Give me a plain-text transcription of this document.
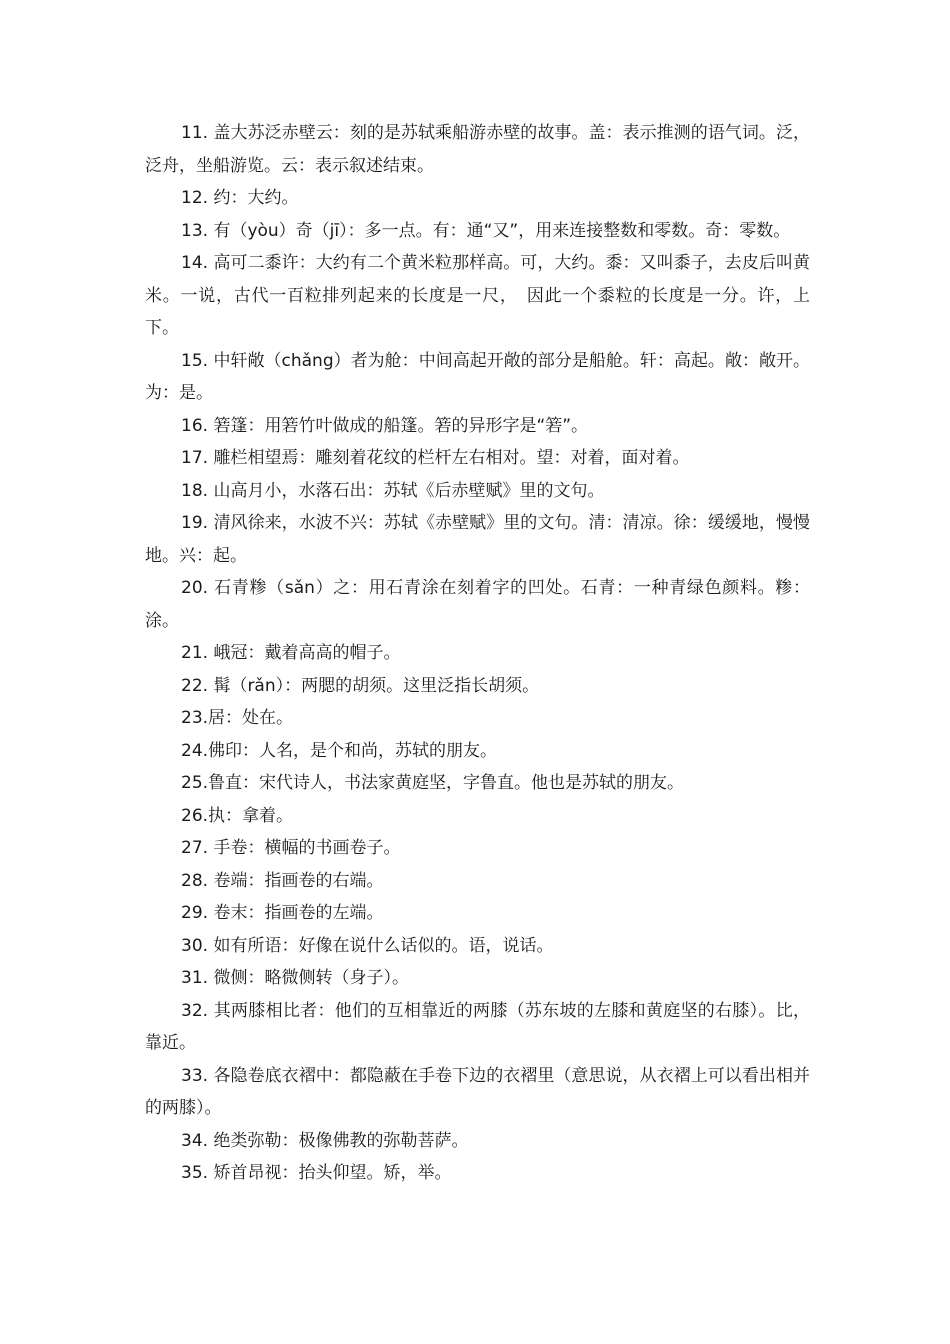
11. 盖大苏泛赤壁云：刻的是苏轼乘船游赤壁的故事。盖：表示推测的语气词。泛，泛舟，坐船游览。云：表示叙述结束。

12. 约：大约。

13. 有（yòu）奇（jī）：多一点。有：通“又”，用来连接整数和零数。奇：零数。

14. 高可二黍许：大约有二个黄米粒那样高。可，大约。黍：又叫黍子，去皮后叫黄米。一说，古代一百粒排列起来的长度是一尺，　因此一个黍粒的长度是一分。许，上下。

15. 中轩敞（chǎng）者为舱：中间高起开敞的部分是船舱。轩：高起。敞：敞开。为：是。

16. 箬篷：用箬竹叶做成的船篷。箬的异形字是“箬”。

17. 雕栏相望焉：雕刻着花纹的栏杆左右相对。望：对着，面对着。

18. 山高月小，水落石出：苏轼《后赤壁赋》里的文句。

19. 清风徐来，水波不兴：苏轼《赤壁赋》里的文句。清：清凉。徐：缓缓地，慢慢地。兴：起。

20. 石青糁（sǎn）之：用石青涂在刻着字的凹处。石青：一种青绿色颜料。糁：涂。

21. 峨冠：戴着高高的帽子。

22. 髯（rǎn）：两腮的胡须。这里泛指长胡须。

23.居：处在。

24.佛印：人名，是个和尚，苏轼的朋友。

25.鲁直：宋代诗人，书法家黄庭坚，字鲁直。他也是苏轼的朋友。

26.执：拿着。

27. 手卷：横幅的书画卷子。

28. 卷端：指画卷的右端。

29. 卷末：指画卷的左端。

30. 如有所语：好像在说什么话似的。语，说话。

31. 微侧：略微侧转（身子）。

32. 其两膝相比者：他们的互相靠近的两膝（苏东坡的左膝和黄庭坚的右膝）。比，靠近。

33. 各隐卷底衣褶中：都隐蔽在手卷下边的衣褶里（意思说，从衣褶上可以看出相并的两膝）。

34. 绝类弥勒：极像佛教的弥勒菩萨。

35. 矫首昂视：抬头仰望。矫，举。
